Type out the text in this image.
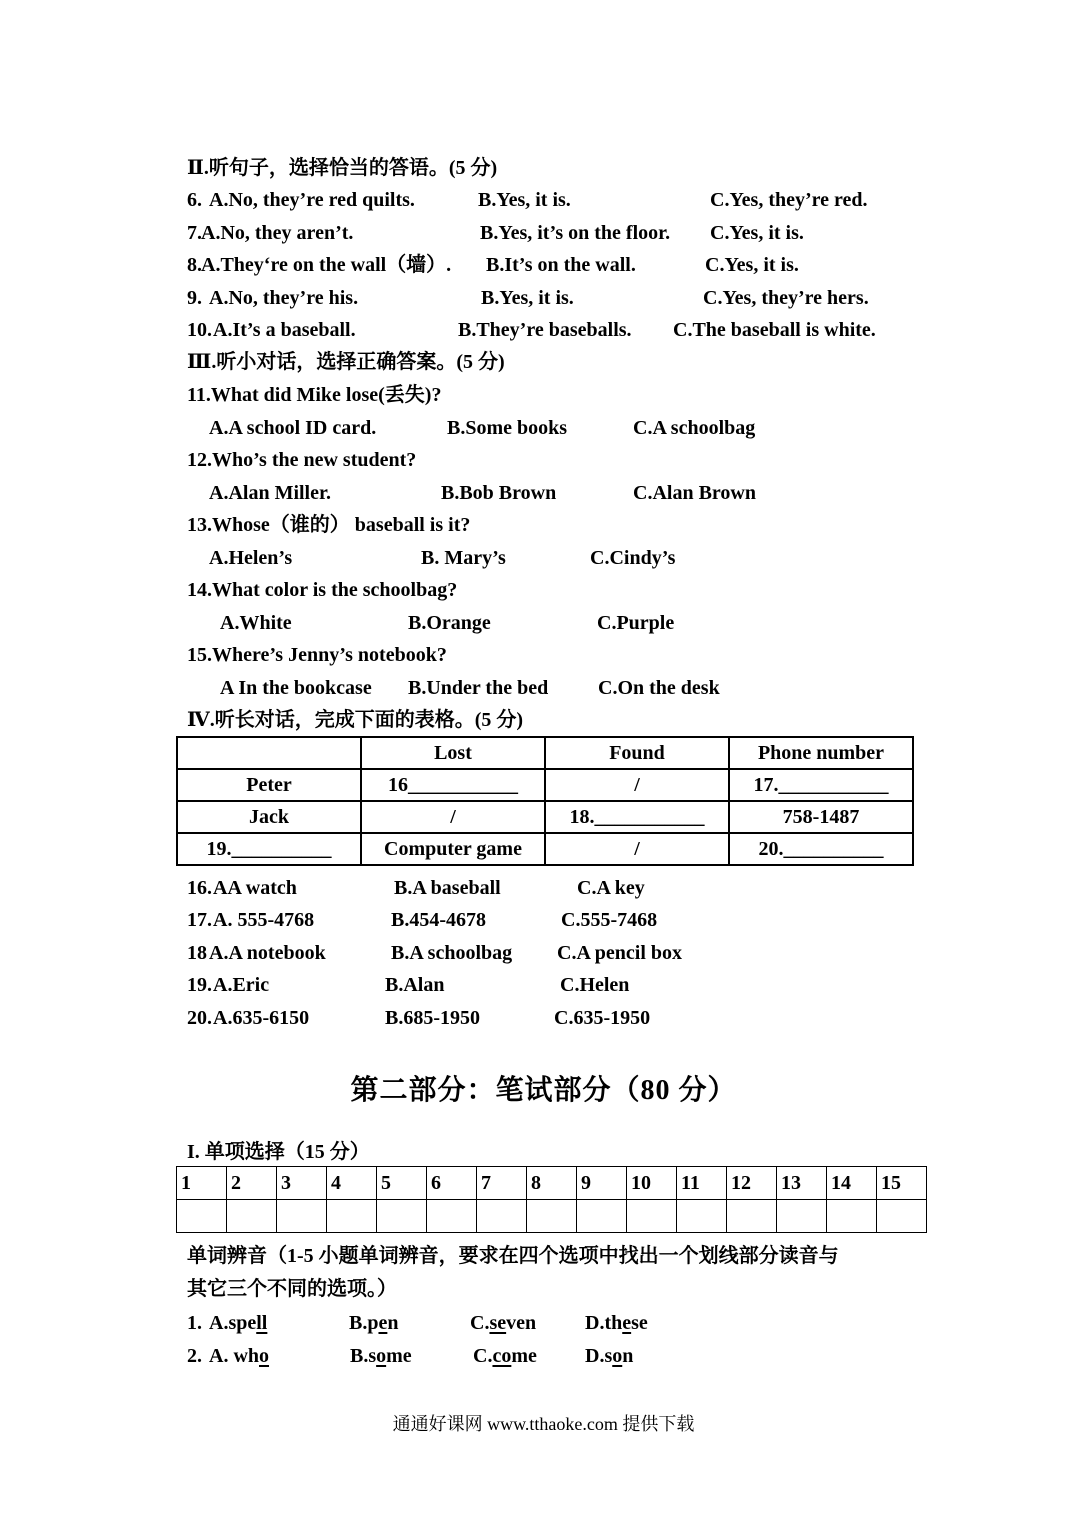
Ⅱ.听句子，选择恰当的答语。(5 分)
6. A.No, they’re red quilts.	B.Yes, it is.	C.Yes, they’re red.
7. A.No, they aren’t.	B.Yes, it’s on the floor. C.Yes, it is.
8. A.They‘re on the wall（墙）. B.It’s on the wall.	C.Yes, it is.
9. A.No, they’re his.	B.Yes, it is.	C.Yes, they’re hers.
10. A.It’s a baseball.	B.They’re baseballs. C.The baseball is white.
Ⅲ.听小对话，选择正确答案。(5 分)
11.What did Mike lose(丢失)?
A.A school ID card.	B.Some books	C.A schoolbag
12.Who’s the new student?
A.Alan Miller.	B.Bob Brown	C.Alan Brown
13.Whose（谁的） baseball is it?
A.Helen’s	B. Mary’s	C.Cindy’s
14.What color is the schoolbag?
A.White	B.Orange	C.Purple
15.Where’s Jenny’s notebook?
A In the bookcase B.Under the bed C.On the desk
Ⅳ.听长对话，完成下面的表格。(5 分)
	Lost	Found	Phone number
Peter	16___________	/	17.___________
Jack	/	18.___________	758-1487
19.__________	Computer game	/	20.__________
16. AA watch	B.A baseball	C.A key
17. A. 555-4768	B.454-4678	C.555-7468
18 A.A notebook	B.A schoolbag C.A pencil box
19. A.Eric	B.Alan	C.Helen
20. A.635-6150	B.685-1950	C.635-1950
第二部分：笔试部分（80 分）
I. 单项选择（15 分）
1	2	3	4	5	6	7	8	9	10	11	12	13	14	15

单词辨音（1-5 小题单词辨音，要求在四个选项中找出一个划线部分读音与
其它三个不同的选项。）
1. A.spell	B.pen	C.seven D.these
2. A. who	B.some	C.come D.son
通通好课网 www.tthaoke.com 提供下载
